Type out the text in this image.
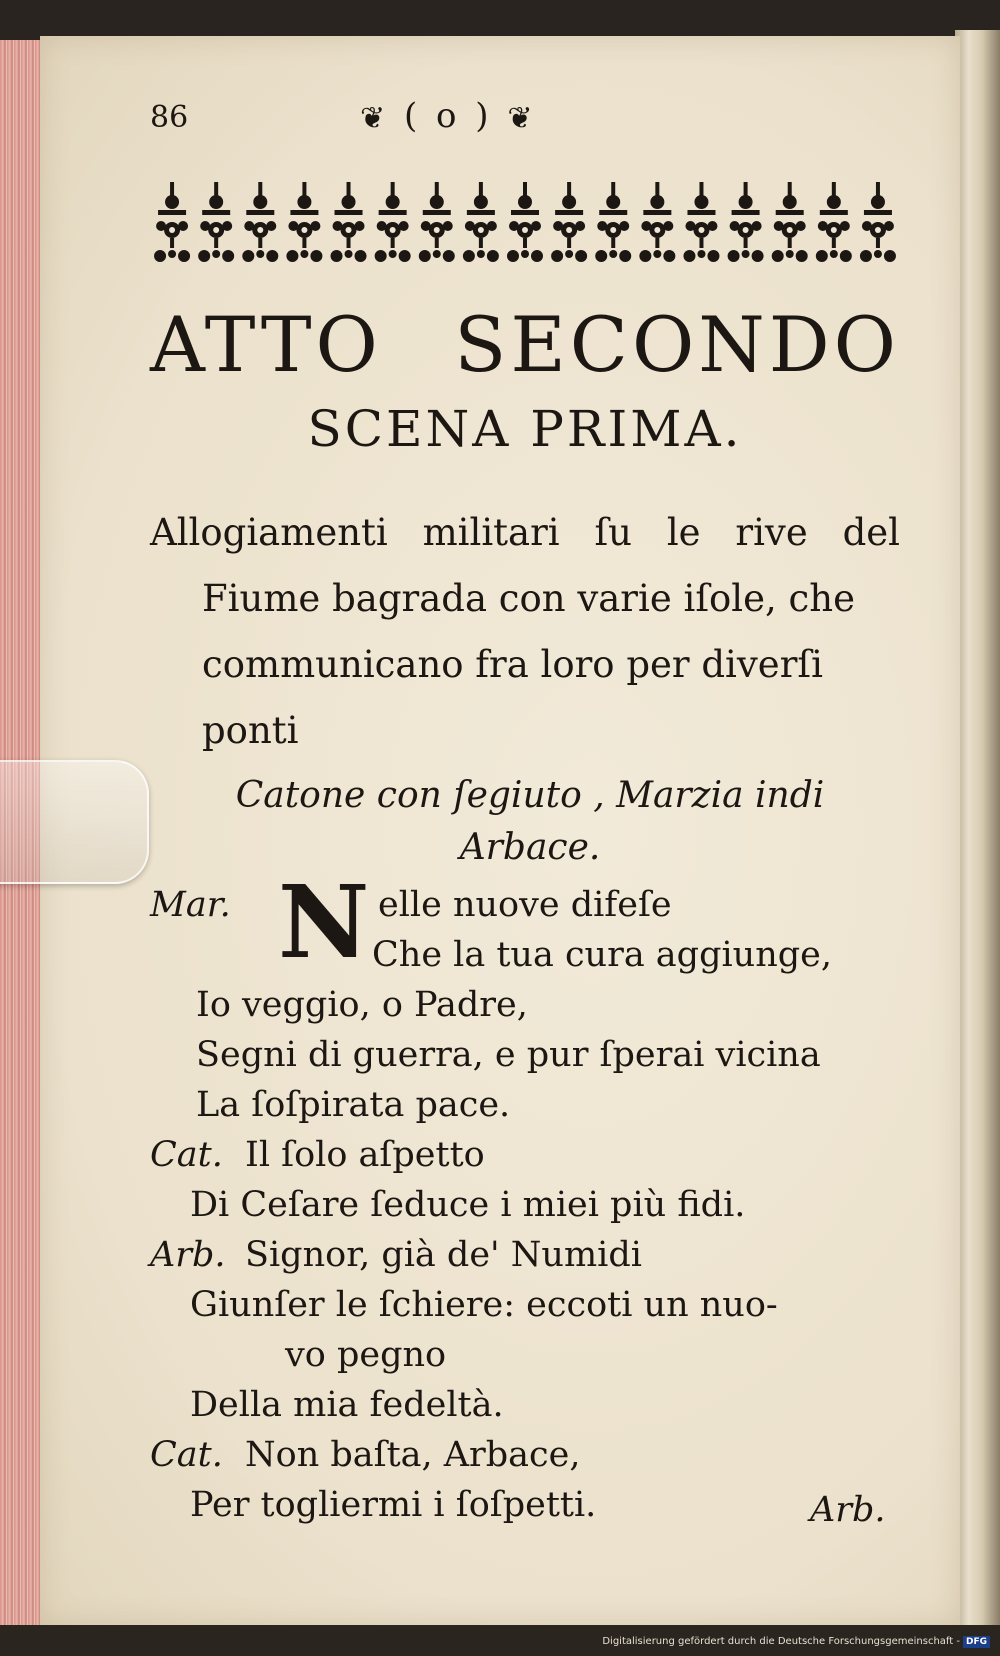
86	❦ ( o ) ❦
ATTO SECONDO
SCENA PRIMA.
Allogiamenti militari ſu le rive del
Fiume bagrada con varie iſole, che
communicano fra loro per diverſi
ponti
Catone con ſegiuto , Marzia indi
Arbace.
N
Mar.	elle nuove difeſe
Che la tua cura aggiunge,
Io veggio, o Padre,
Segni di guerra, e pur ſperai vicina
La ſoſpirata pace.
Cat. Il ſolo aſpetto
Di Ceſare ſeduce i miei più fidi.
Arb. Signor, già de' Numidi
Giunſer le ſchiere: eccoti un nuo-
vo pegno
Della mia fedeltà.
Cat. Non baſta, Arbace,
Per togliermi i ſoſpetti.	Arb.
Digitalisierung gefördert durch die Deutsche Forschungsgemeinschaft - DFG
